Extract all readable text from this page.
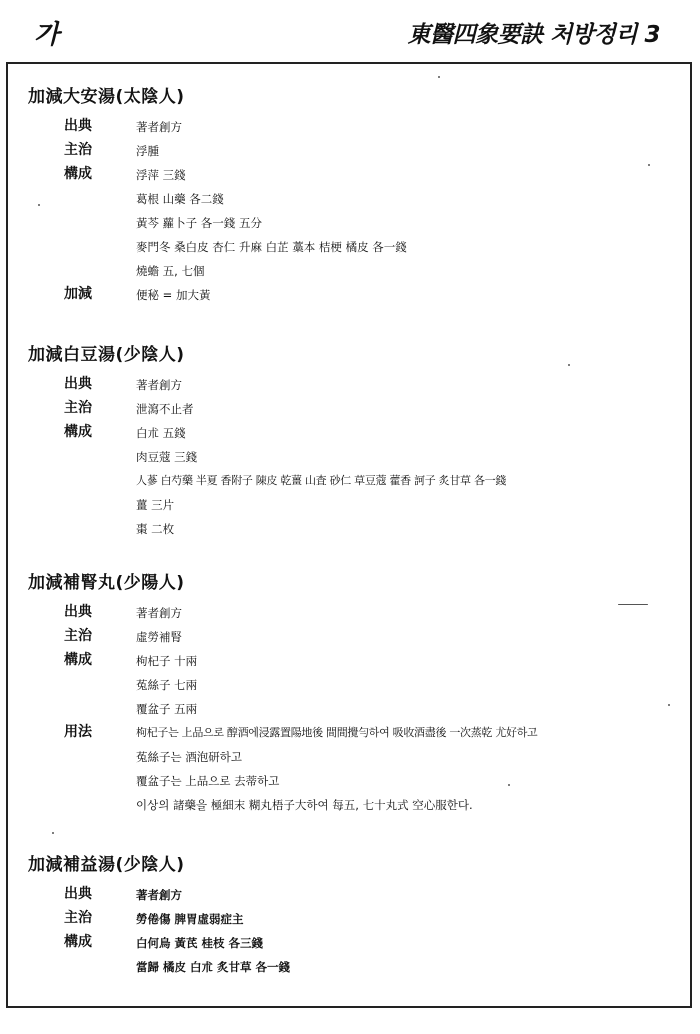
가	東醫四象要訣 처방정리 3
加減大安湯(太陰人)
出典	著者創方
主治	浮腫
構成	浮萍 三錢
葛根 山藥 各二錢
黃芩 蘿卜子 各一錢 五分
麥門冬 桑白皮 杏仁 升麻 白芷 藁本 桔梗 橘皮 各一錢
燒蟾 五, 七個
加減	便秘 = 加大黃
加減白豆湯(少陰人)
出典	著者創方
主治	泄瀉不止者
構成	白朮 五錢
肉豆蔻 三錢
人蔘 白芍藥 半夏 香附子 陳皮 乾薑 山査 砂仁 草豆蔻 藿香 訶子 炙甘草 各一錢
薑 三片
棗 二枚
加減補腎丸(少陽人)
出典	著者創方
主治	虛勞補腎
構成	枸杞子 十兩
菟絲子 七兩
覆盆子 五兩
用法	枸杞子는 上品으로 醇酒에浸露置陽地後 間間攪勻하여 吸收酒盡後 一次蒸乾 尤好하고
菟絲子는 酒泡研하고
覆盆子는 上品으로 去蒂하고
이상의 諸藥을 極細末 糊丸梧子大하여 每五, 七十丸式 空心服한다.
加減補益湯(少陰人)
出典	著者創方
主治	勞倦傷 脾胃虛弱症主
構成	白何烏 黃芪 桂枝 各三錢
當歸 橘皮 白朮 炙甘草 各一錢
